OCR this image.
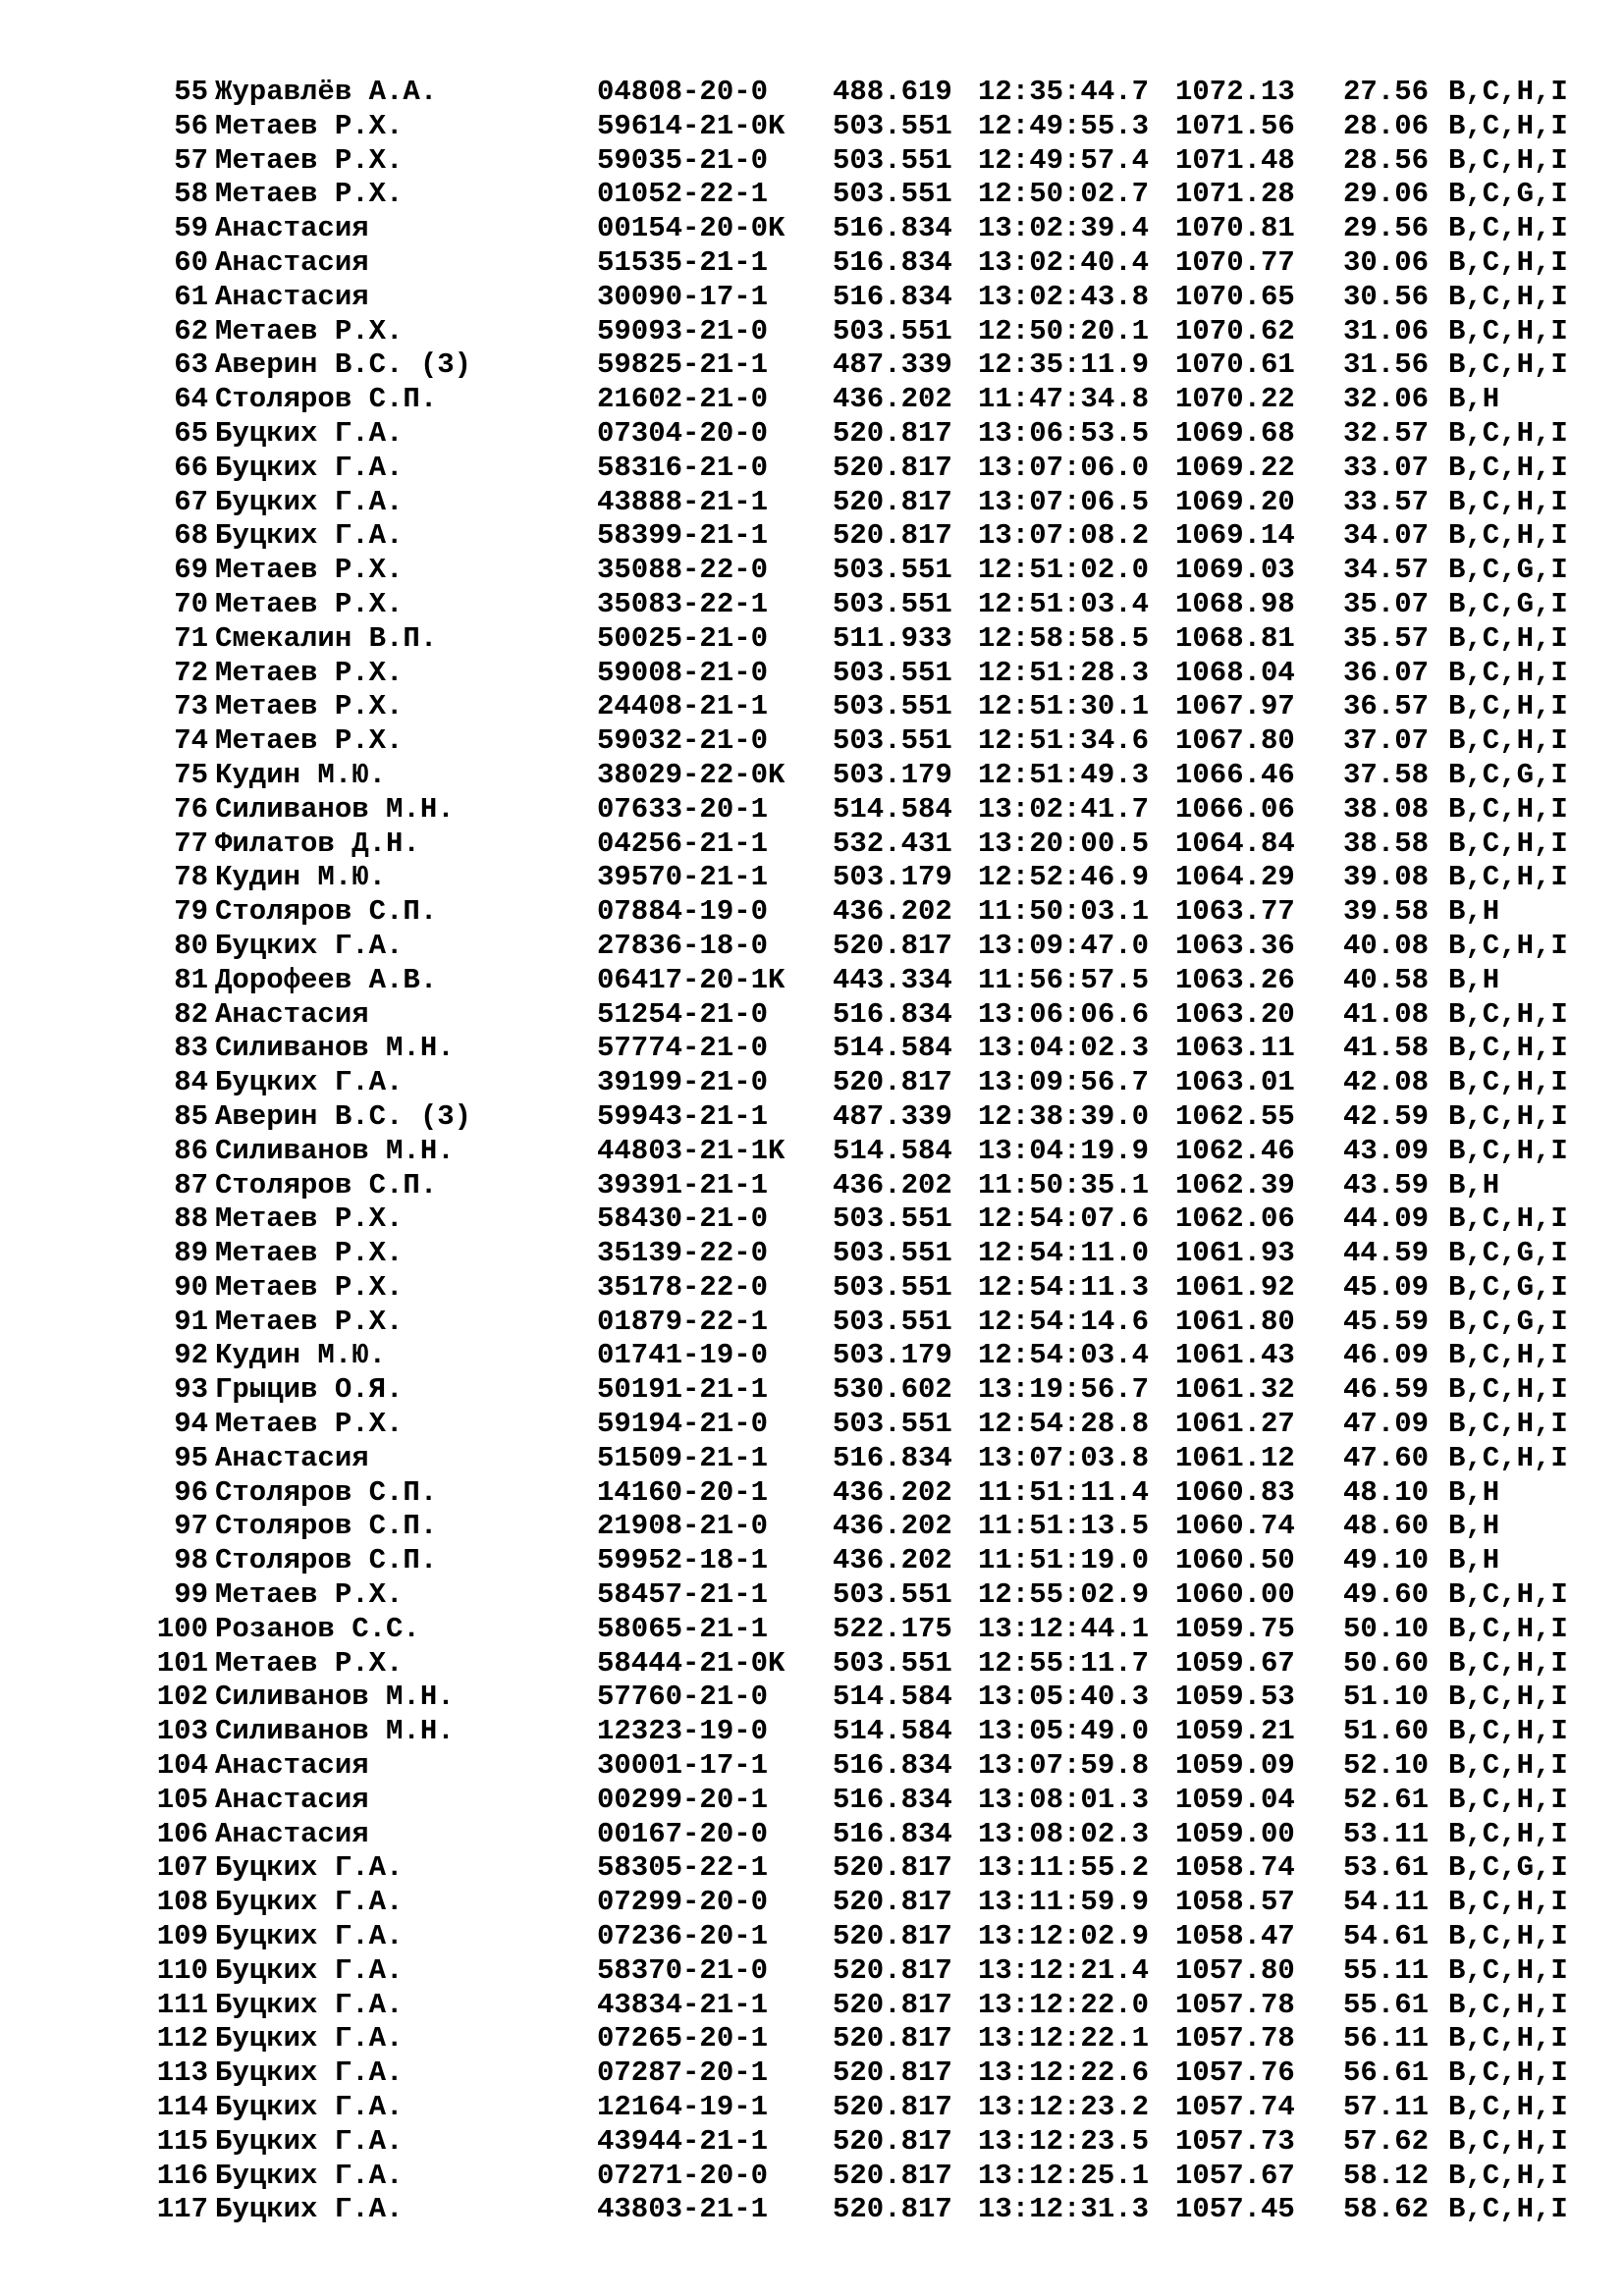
55 Журавлёв А.А.	04808-20-0 488.619 12:35:44.7 1072.13 27.56 B,C,H,I
56 Метаев Р.Х.	59614-21-0K 503.551 12:49:55.3 1071.56 28.06 B,C,H,I
57 Метаев Р.Х.	59035-21-0 503.551 12:49:57.4 1071.48 28.56 B,C,H,I
58 Метаев Р.Х.	01052-22-1 503.551 12:50:02.7 1071.28 29.06 B,C,G,I
59 Анастасия	00154-20-0K 516.834 13:02:39.4 1070.81 29.56 B,C,H,I
60 Анастасия	51535-21-1 516.834 13:02:40.4 1070.77 30.06 B,C,H,I
61 Анастасия	30090-17-1 516.834 13:02:43.8 1070.65 30.56 B,C,H,I
62 Метаев Р.Х.	59093-21-0 503.551 12:50:20.1 1070.62 31.06 B,C,H,I
63 Аверин В.С. (3)	59825-21-1 487.339 12:35:11.9 1070.61 31.56 B,C,H,I
64 Столяров С.П.	21602-21-0 436.202 11:47:34.8 1070.22 32.06 B,H
65 Буцких Г.А.	07304-20-0 520.817 13:06:53.5 1069.68 32.57 B,C,H,I
66 Буцких Г.А.	58316-21-0 520.817 13:07:06.0 1069.22 33.07 B,C,H,I
67 Буцких Г.А.	43888-21-1 520.817 13:07:06.5 1069.20 33.57 B,C,H,I
68 Буцких Г.А.	58399-21-1 520.817 13:07:08.2 1069.14 34.07 B,C,H,I
69 Метаев Р.Х.	35088-22-0 503.551 12:51:02.0 1069.03 34.57 B,C,G,I
70 Метаев Р.Х.	35083-22-1 503.551 12:51:03.4 1068.98 35.07 B,C,G,I
71 Смекалин В.П.	50025-21-0 511.933 12:58:58.5 1068.81 35.57 B,C,H,I
72 Метаев Р.Х.	59008-21-0 503.551 12:51:28.3 1068.04 36.07 B,C,H,I
73 Метаев Р.Х.	24408-21-1 503.551 12:51:30.1 1067.97 36.57 B,C,H,I
74 Метаев Р.Х.	59032-21-0 503.551 12:51:34.6 1067.80 37.07 B,C,H,I
75 Кудин М.Ю.	38029-22-0K 503.179 12:51:49.3 1066.46 37.58 B,C,G,I
76 Силиванов М.Н.	07633-20-1 514.584 13:02:41.7 1066.06 38.08 B,C,H,I
77 Филатов Д.Н.	04256-21-1 532.431 13:20:00.5 1064.84 38.58 B,C,H,I
78 Кудин М.Ю.	39570-21-1 503.179 12:52:46.9 1064.29 39.08 B,C,H,I
79 Столяров С.П.	07884-19-0 436.202 11:50:03.1 1063.77 39.58 B,H
80 Буцких Г.А.	27836-18-0 520.817 13:09:47.0 1063.36 40.08 B,C,H,I
81 Дорофеев А.В.	06417-20-1K 443.334 11:56:57.5 1063.26 40.58 B,H
82 Анастасия	51254-21-0 516.834 13:06:06.6 1063.20 41.08 B,C,H,I
83 Силиванов М.Н.	57774-21-0 514.584 13:04:02.3 1063.11 41.58 B,C,H,I
84 Буцких Г.А.	39199-21-0 520.817 13:09:56.7 1063.01 42.08 B,C,H,I
85 Аверин В.С. (3)	59943-21-1 487.339 12:38:39.0 1062.55 42.59 B,C,H,I
86 Силиванов М.Н.	44803-21-1K 514.584 13:04:19.9 1062.46 43.09 B,C,H,I
87 Столяров С.П.	39391-21-1 436.202 11:50:35.1 1062.39 43.59 B,H
88 Метаев Р.Х.	58430-21-0 503.551 12:54:07.6 1062.06 44.09 B,C,H,I
89 Метаев Р.Х.	35139-22-0 503.551 12:54:11.0 1061.93 44.59 B,C,G,I
90 Метаев Р.Х.	35178-22-0 503.551 12:54:11.3 1061.92 45.09 B,C,G,I
91 Метаев Р.Х.	01879-22-1 503.551 12:54:14.6 1061.80 45.59 B,C,G,I
92 Кудин М.Ю.	01741-19-0 503.179 12:54:03.4 1061.43 46.09 B,C,H,I
93 Грыцив О.Я.	50191-21-1 530.602 13:19:56.7 1061.32 46.59 B,C,H,I
94 Метаев Р.Х.	59194-21-0 503.551 12:54:28.8 1061.27 47.09 B,C,H,I
95 Анастасия	51509-21-1 516.834 13:07:03.8 1061.12 47.60 B,C,H,I
96 Столяров С.П.	14160-20-1 436.202 11:51:11.4 1060.83 48.10 B,H
97 Столяров С.П.	21908-21-0 436.202 11:51:13.5 1060.74 48.60 B,H
98 Столяров С.П.	59952-18-1 436.202 11:51:19.0 1060.50 49.10 B,H
99 Метаев Р.Х.	58457-21-1 503.551 12:55:02.9 1060.00 49.60 B,C,H,I
100 Розанов С.С.	58065-21-1 522.175 13:12:44.1 1059.75 50.10 B,C,H,I
101 Метаев Р.Х.	58444-21-0K 503.551 12:55:11.7 1059.67 50.60 B,C,H,I
102 Силиванов М.Н.	57760-21-0 514.584 13:05:40.3 1059.53 51.10 B,C,H,I
103 Силиванов М.Н.	12323-19-0 514.584 13:05:49.0 1059.21 51.60 B,C,H,I
104 Анастасия	30001-17-1 516.834 13:07:59.8 1059.09 52.10 B,C,H,I
105 Анастасия	00299-20-1 516.834 13:08:01.3 1059.04 52.61 B,C,H,I
106 Анастасия	00167-20-0 516.834 13:08:02.3 1059.00 53.11 B,C,H,I
107 Буцких Г.А.	58305-22-1 520.817 13:11:55.2 1058.74 53.61 B,C,G,I
108 Буцких Г.А.	07299-20-0 520.817 13:11:59.9 1058.57 54.11 B,C,H,I
109 Буцких Г.А.	07236-20-1 520.817 13:12:02.9 1058.47 54.61 B,C,H,I
110 Буцких Г.А.	58370-21-0 520.817 13:12:21.4 1057.80 55.11 B,C,H,I
111 Буцких Г.А.	43834-21-1 520.817 13:12:22.0 1057.78 55.61 B,C,H,I
112 Буцких Г.А.	07265-20-1 520.817 13:12:22.1 1057.78 56.11 B,C,H,I
113 Буцких Г.А.	07287-20-1 520.817 13:12:22.6 1057.76 56.61 B,C,H,I
114 Буцких Г.А.	12164-19-1 520.817 13:12:23.2 1057.74 57.11 B,C,H,I
115 Буцких Г.А.	43944-21-1 520.817 13:12:23.5 1057.73 57.62 B,C,H,I
116 Буцких Г.А.	07271-20-0 520.817 13:12:25.1 1057.67 58.12 B,C,H,I
117 Буцких Г.А.	43803-21-1 520.817 13:12:31.3 1057.45 58.62 B,C,H,I
